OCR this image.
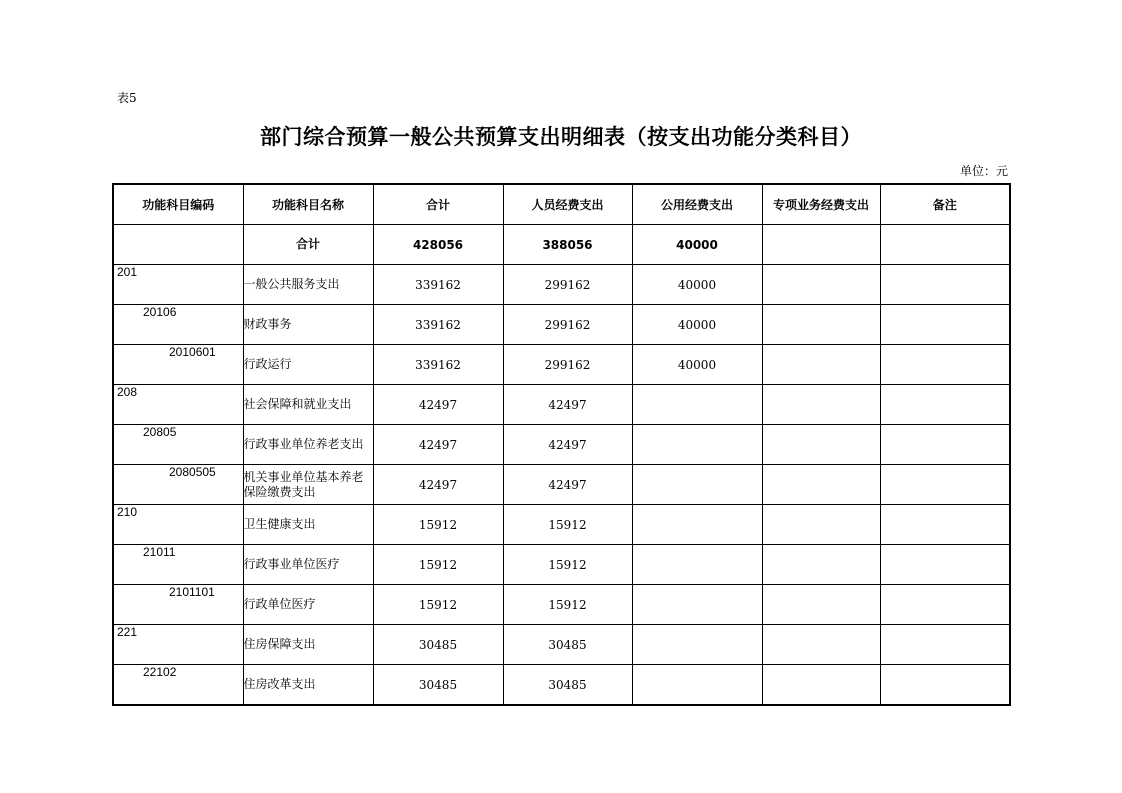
表5
部门综合预算一般公共预算支出明细表（按支出功能分类科目）
单位：元
功能科目编码	功能科目名称	合计	人员经费支出	公用经费支出	专项业务经费支出	备注
	合计	428056	388056	40000		
201	一般公共服务支出	339162	299162	40000		
20106	财政事务	339162	299162	40000		
2010601	行政运行	339162	299162	40000		
208	社会保障和就业支出	42497	42497			
20805	行政事业单位养老支出	42497	42497			
2080505	机关事业单位基本养老保险缴费支出	42497	42497			
210	卫生健康支出	15912	15912			
21011	行政事业单位医疗	15912	15912			
2101101	行政单位医疗	15912	15912			
221	住房保障支出	30485	30485			
22102	住房改革支出	30485	30485			
